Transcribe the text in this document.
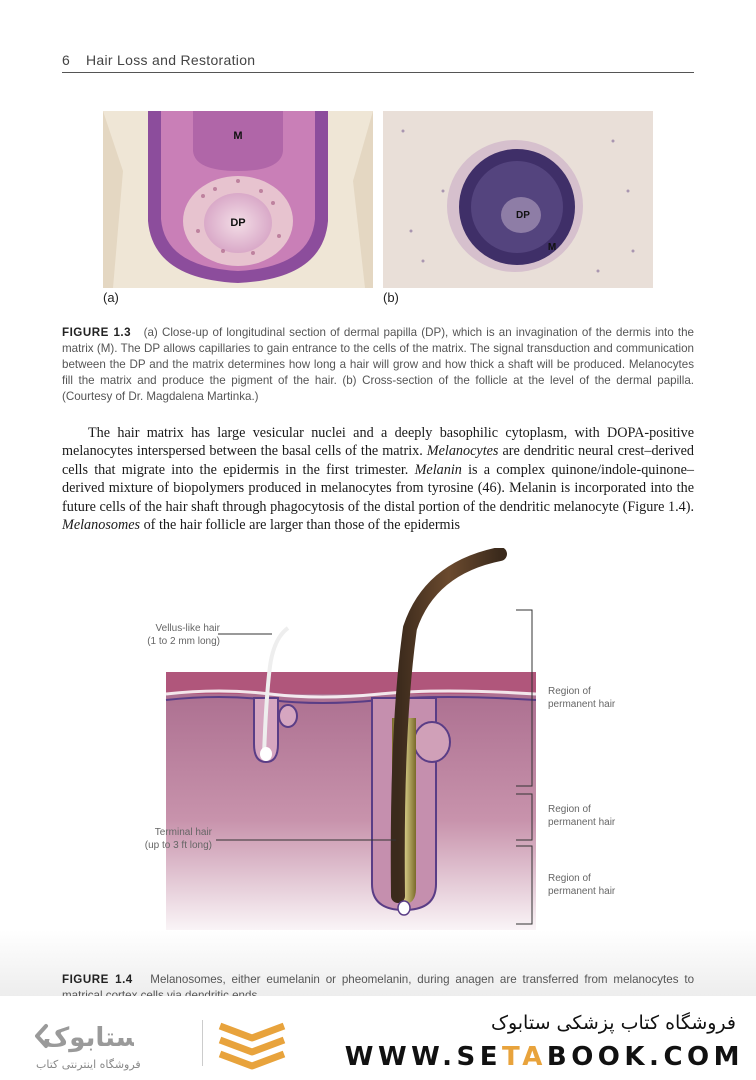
6 Hair Loss and Restoration
M
DP
(a)
DP
M
(b)
FIGURE 1.3 (a) Close-up of longitudinal section of dermal papilla (DP), which is an invagination of the dermis into the matrix (M). The DP allows capillaries to gain entrance to the cells of the matrix. The signal transduction and communication between the DP and the matrix determines how long a hair will grow and how thick a shaft will be produced. Melanocytes fill the matrix and produce the pigment of the hair. (b) Cross-section of the follicle at the level of the dermal papilla. (Courtesy of Dr. Magdalena Martinka.)
The hair matrix has large vesicular nuclei and a deeply basophilic cytoplasm, with DOPA-positive melanocytes interspersed between the basal cells of the matrix. Melanocytes are dendritic neural crest–derived cells that migrate into the epidermis in the first trimester. Melanin is a complex quinone/indole-quinone–derived mixture of biopolymers produced in melanocytes from tyrosine (46). Melanin is incorporated into the future cells of the hair shaft through phagocytosis of the distal portion of the dendritic melanocyte (Figure 1.4). Melanosomes of the hair follicle are larger than those of the epidermis
Vellus-like hair
(1 to 2 mm long)
Terminal hair
(up to 3 ft long)
Region of
permanent hair
Region of
permanent hair
Region of
permanent hair
FIGURE 1.4 Melanosomes, either eumelanin or pheomelanin, during anagen are transferred from melanocytes to
ستابوک
فروشگاه اینترنتی کتاب
فروشگاه کتاب پزشکی ستابوک
WWW.SETABOOK.COM
